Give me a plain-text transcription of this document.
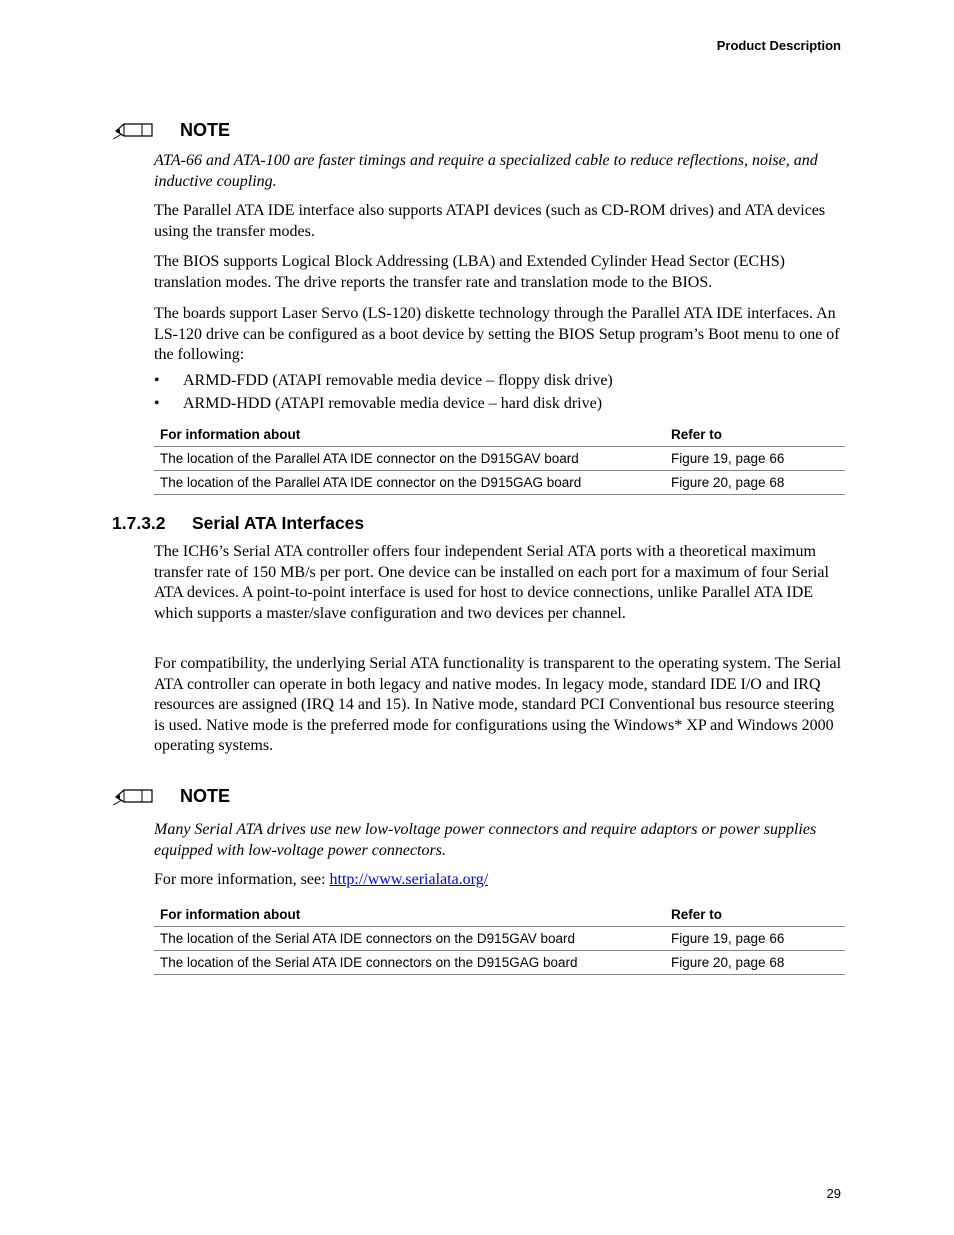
Product Description
NOTE

ATA-66 and ATA-100 are faster timings and require a specialized cable to reduce reflections, noise, and inductive coupling.

The Parallel ATA IDE interface also supports ATAPI devices (such as CD-ROM drives) and ATA devices using the transfer modes.

The BIOS supports Logical Block Addressing (LBA) and Extended Cylinder Head Sector (ECHS) translation modes. The drive reports the transfer rate and translation mode to the BIOS.

The boards support Laser Servo (LS-120) diskette technology through the Parallel ATA IDE interfaces. An LS-120 drive can be configured as a boot device by setting the BIOS Setup program’s Boot menu to one of the following:

•	ARMD-FDD (ATAPI removable media device – floppy disk drive)
•	ARMD-HDD (ATAPI removable media device – hard disk drive)
For information about	Refer to
The location of the Parallel ATA IDE connector on the D915GAV board	Figure 19, page 66
The location of the Parallel ATA IDE connector on the D915GAG board	Figure 20, page 68
1.7.3.2 Serial ATA Interfaces

The ICH6’s Serial ATA controller offers four independent Serial ATA ports with a theoretical maximum transfer rate of 150 MB/s per port. One device can be installed on each port for a maximum of four Serial ATA devices. A point-to-point interface is used for host to device connections, unlike Parallel ATA IDE which supports a master/slave configuration and two devices per channel.

For compatibility, the underlying Serial ATA functionality is transparent to the operating system. The Serial ATA controller can operate in both legacy and native modes. In legacy mode, standard IDE I/O and IRQ resources are assigned (IRQ 14 and 15). In Native mode, standard PCI Conventional bus resource steering is used. Native mode is the preferred mode for configurations using the Windows* XP and Windows 2000 operating systems.

NOTE

Many Serial ATA drives use new low-voltage power connectors and require adaptors or power supplies equipped with low-voltage power connectors.

For more information, see: http://www.serialata.org/

For information about	Refer to
The location of the Serial ATA IDE connectors on the D915GAV board	Figure 19, page 66
The location of the Serial ATA IDE connectors on the D915GAG board	Figure 20, page 68
29
